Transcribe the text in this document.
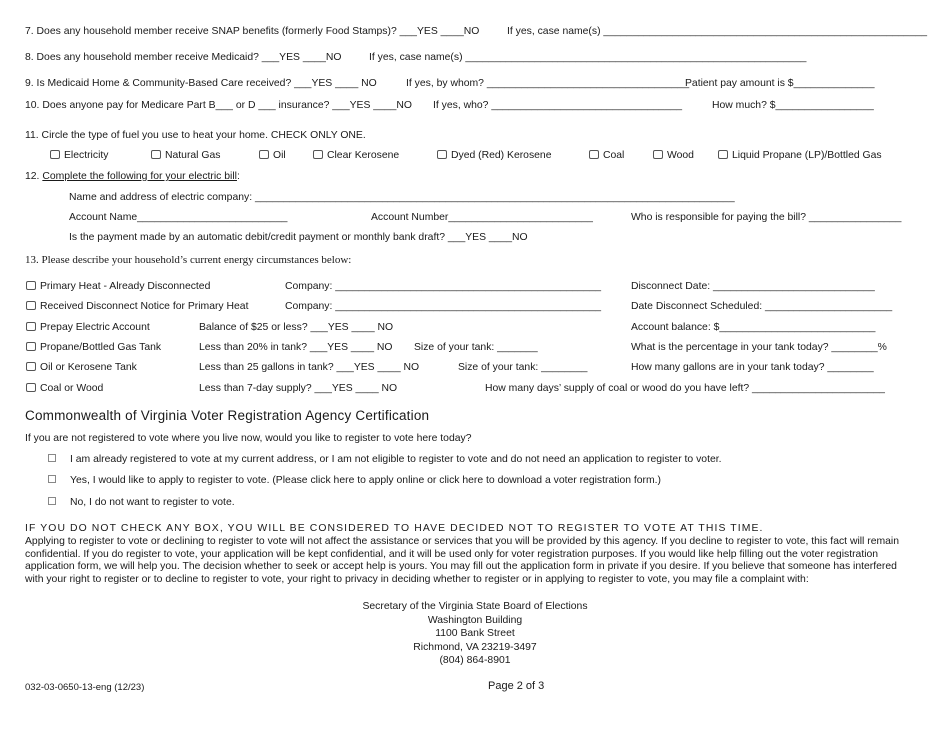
7. Does any household member receive SNAP benefits (formerly Food Stamps)? ___YES ____NO	If yes, case name(s) ________________________________________________________
8. Does any household member receive Medicaid? ___YES ____NO	If yes, case name(s) ___________________________________________________________
9. Is Medicaid Home & Community-Based Care received? ___YES ____ NO	If yes, by whom? ___________________________________
Patient pay amount is $______________
10. Does anyone pay for Medicare Part B___ or D ___ insurance? ___YES ____NO If yes, who? _________________________________	How much? $_________________
11. Circle the type of fuel you use to heat your home. CHECK ONLY ONE.
Electricity	Natural Gas	Oil	Clear Kerosene	Dyed (Red) Kerosene	Coal	Wood	Liquid Propane (LP)/Bottled Gas
12. Complete the following for your electric bill:
Name and address of electric company: ___________________________________________________________________________________
Account Name__________________________	Account Number_________________________	Who is responsible for paying the bill? ________________
Is the payment made by an automatic debit/credit payment or monthly bank draft? ___YES ____NO
13. Please describe your household’s current energy circumstances below:
Primary Heat - Already Disconnected	Company: ______________________________________________	Disconnect Date: ____________________________
Received Disconnect Notice for Primary Heat	Company: ______________________________________________	Date Disconnect Scheduled: ______________________
Prepay Electric Account	Balance of $25 or less? ___YES ____ NO	Account balance: $___________________________
Propane/Bottled Gas Tank	Less than 20% in tank? ___YES ____ NO Size of your tank: _______	What is the percentage in your tank today? ________%
Oil or Kerosene Tank	Less than 25 gallons in tank? ___YES ____ NO	Size of your tank: ________	How many gallons are in your tank today? ________
Coal or Wood	Less than 7-day supply? ___YES ____ NO	How many days’ supply of coal or wood do you have left? _______________________
Commonwealth of Virginia Voter Registration Agency Certification
If you are not registered to vote where you live now, would you like to register to vote here today?
I am already registered to vote at my current address, or I am not eligible to register to vote and do not need an application to register to voter.
Yes, I would like to apply to register to vote. (Please click here to apply online or click here to download a voter registration form.)
No, I do not want to register to vote.
IF YOU DO NOT CHECK ANY BOX, YOU WILL BE CONSIDERED TO HAVE DECIDED NOT TO REGISTER TO VOTE AT THIS TIME.
Applying to register to vote or declining to register to vote will not affect the assistance or services that you will be provided by this agency. If you decline to register to vote, this fact will remain confidential. If you do register to vote, your application will be kept confidential, and it will be used only for voter registration purposes. If you would like help filling out the voter registration application form, we will help you. The decision whether to seek or accept help is yours. You may fill out the application form in private if you desire. If you believe that someone has interfered with your right to register or to decline to register to vote, your right to privacy in deciding whether to register or in applying to register to vote, you may file a complaint with:
Secretary of the Virginia State Board of Elections
Washington Building
1100 Bank Street
Richmond, VA 23219-3497
(804) 864-8901
032-03-0650-13-eng (12/23)	Page 2 of 3
